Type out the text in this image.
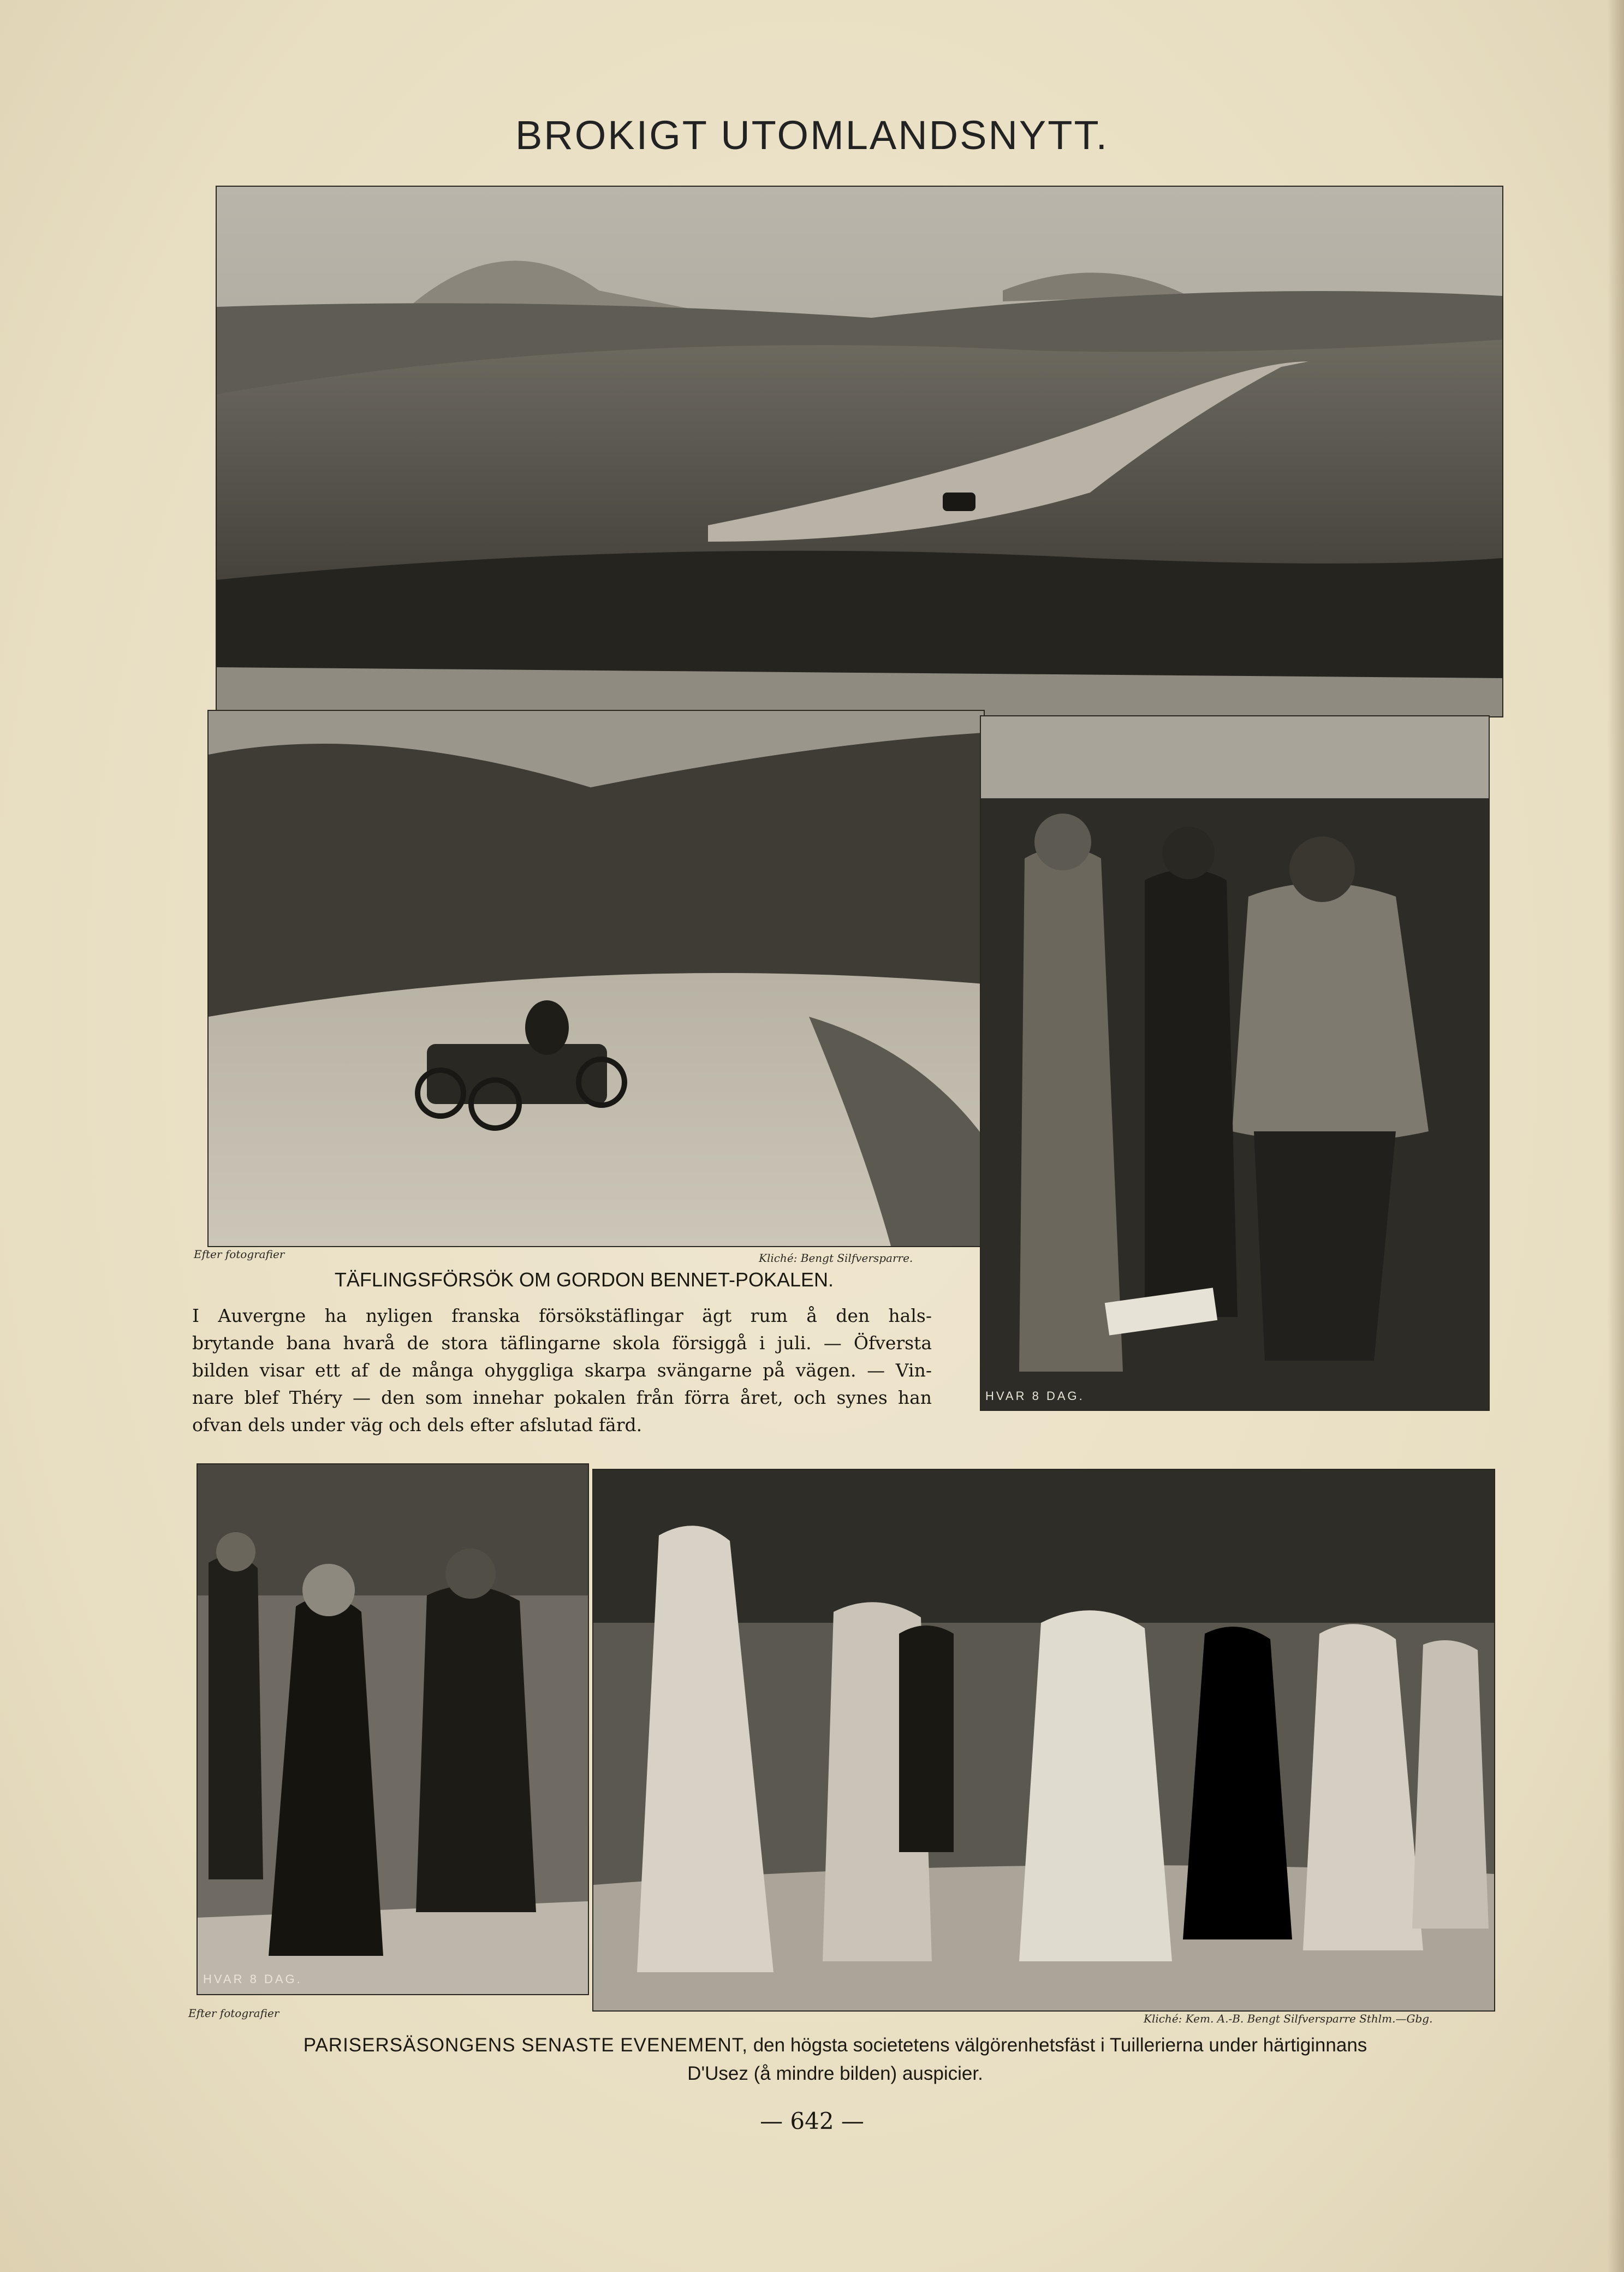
BROKIGT UTOMLANDSNYTT.
HVAR 8 DAG.
Efter fotografier	Kliché: Bengt Silfversparre.
TÄFLINGSFÖRSÖK OM GORDON BENNET-POKALEN.
I Auvergne ha nyligen franska försökstäflingar ägt rum å den hals-
brytande bana hvarå de stora täflingarne skola försiggå i juli. — Öfversta
bilden visar ett af de många ohyggliga skarpa svängarne på vägen. — Vin-
nare blef Théry — den som innehar pokalen från förra året, och synes han
ofvan dels under väg och dels efter afslutad färd.
HVAR 8 DAG.
Efter fotografier	Kliché: Kem. A.-B. Bengt Silfversparre Sthlm.—Gbg.
PARISERSÄSONGENS SENASTE EVENEMENT, den högsta societetens välgörenhetsfäst i Tuillerierna under härtiginnans
D'Usez (å mindre bilden) auspicier.
— 642 —
